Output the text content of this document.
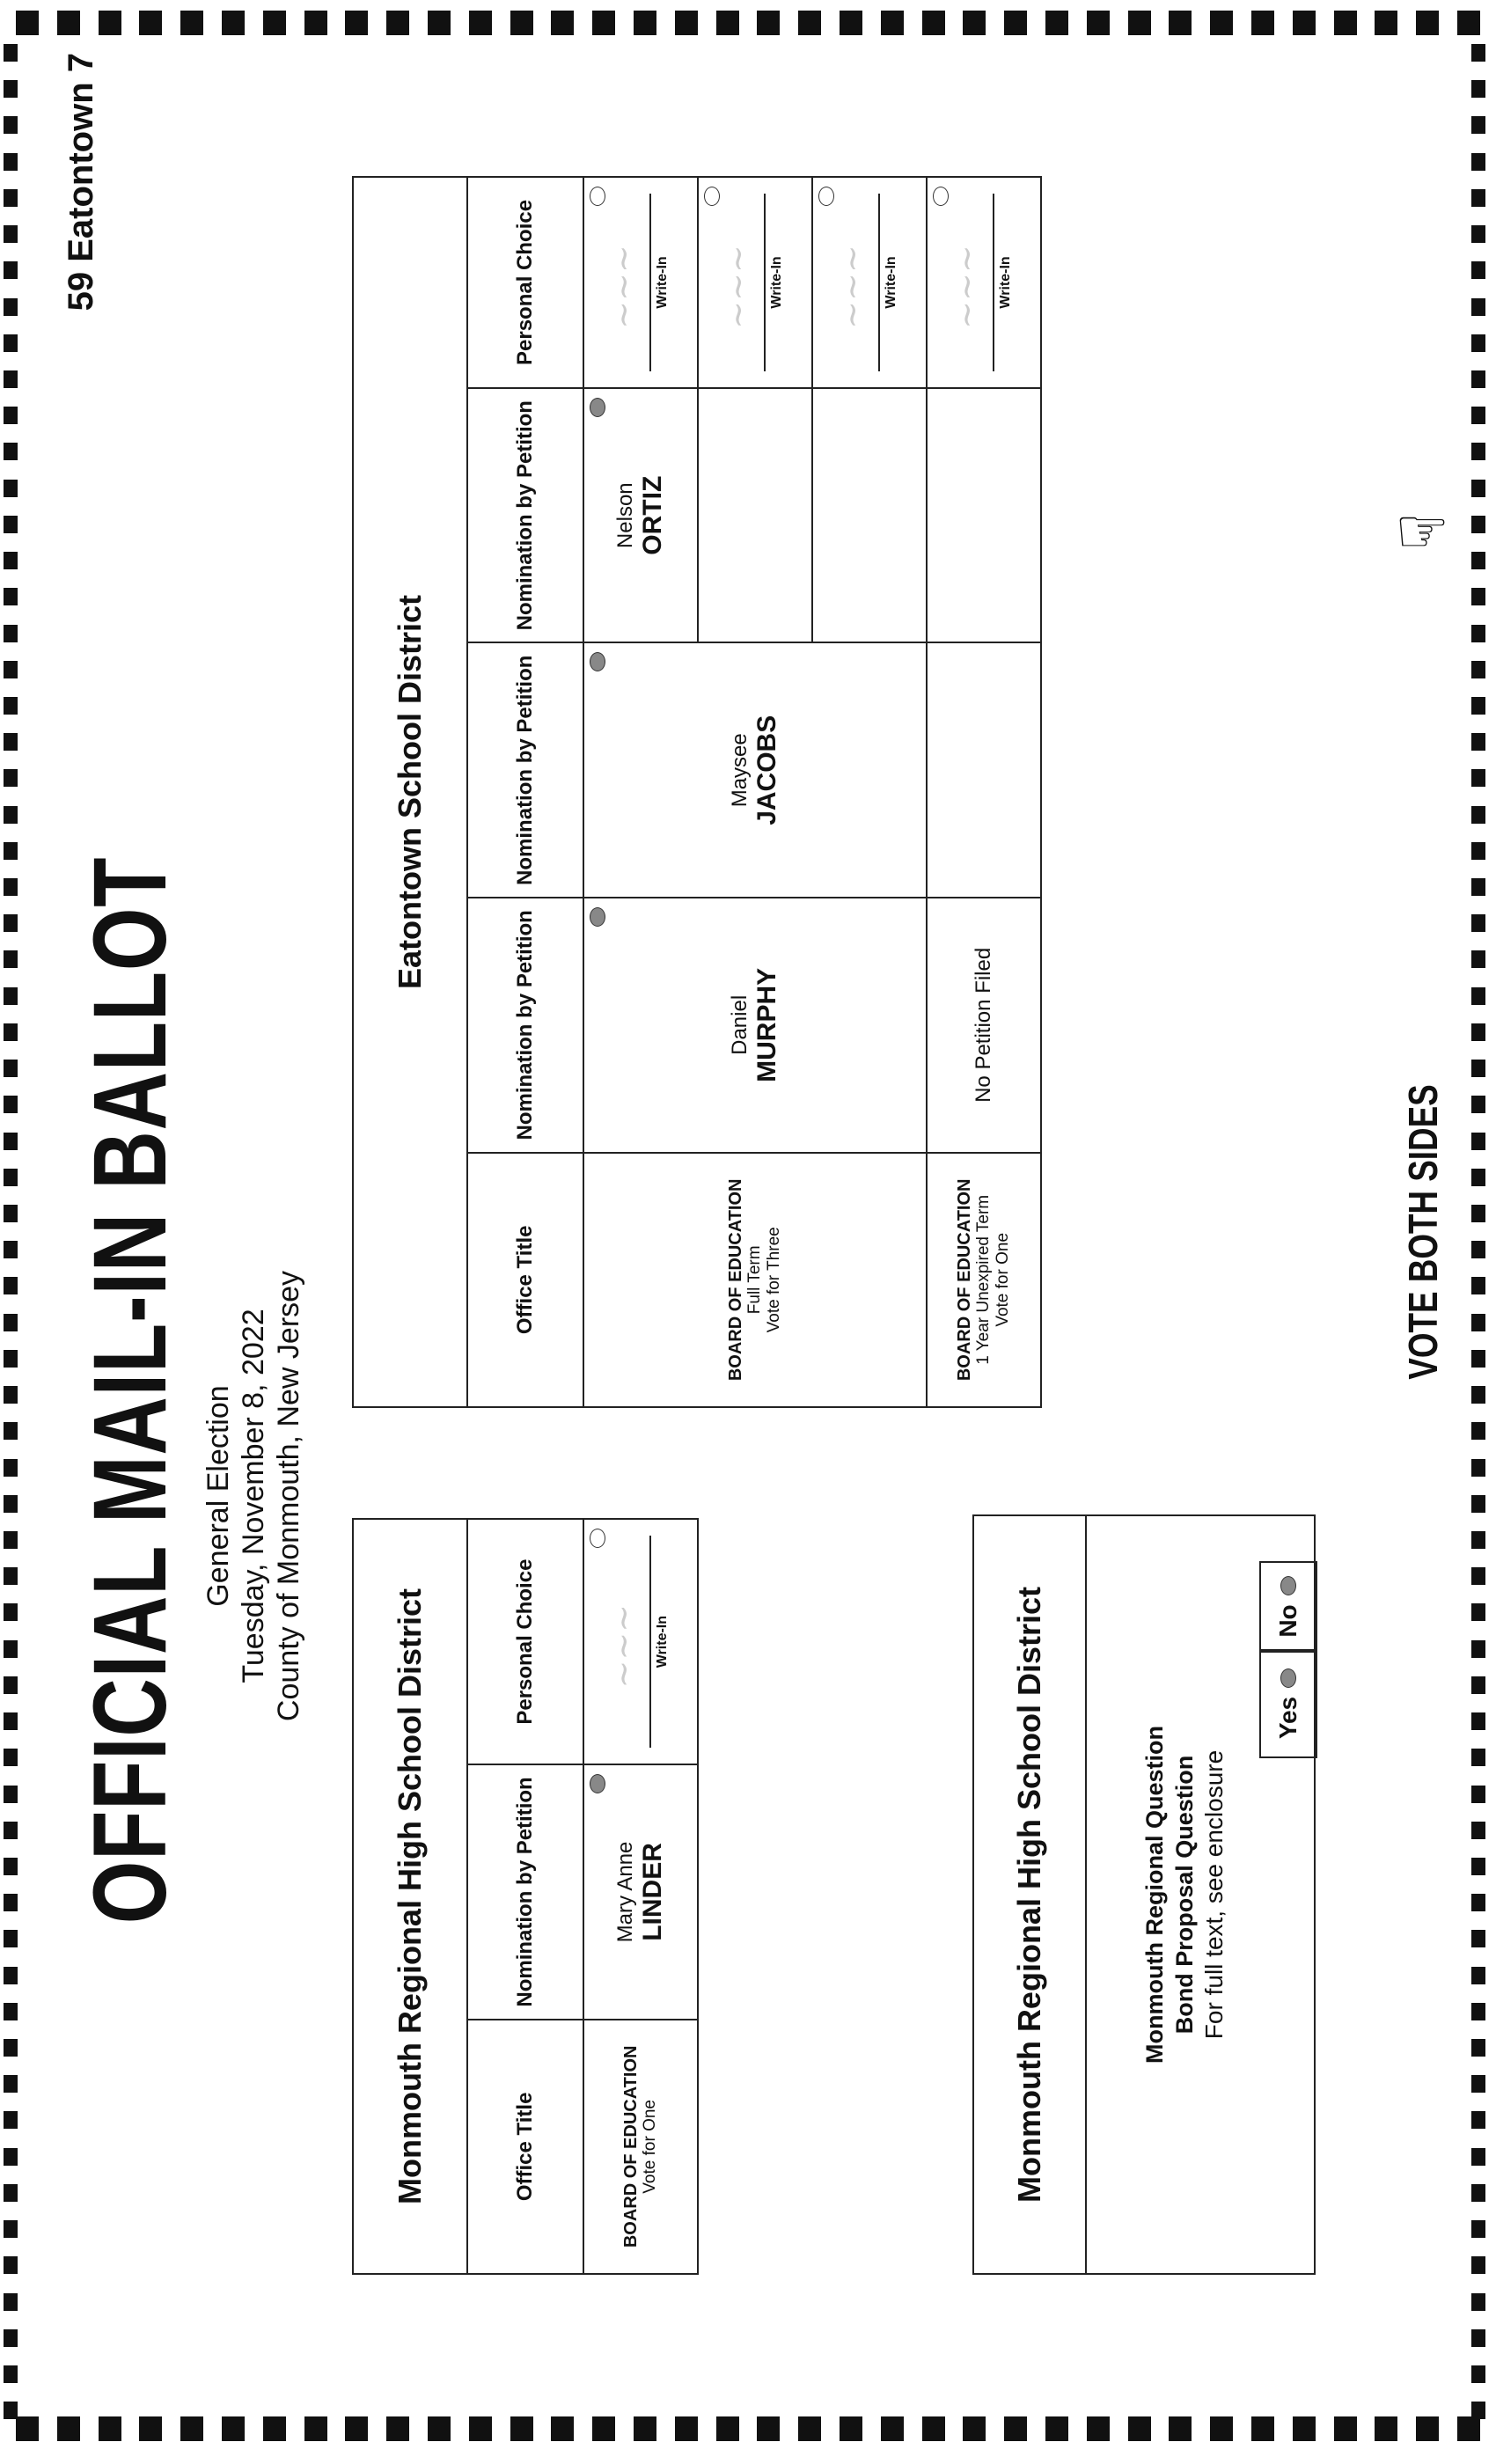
59 Eatontown 7
OFFICIAL MAIL-IN BALLOT General Election Tuesday, November 8, 2022 County of Monmouth, New Jersey
Monmouth Regional High School District		
Office Title	Nomination by Petition	Personal Choice
BOARD OF EDUCATION Vote for One	Mary Anne LINDER	~~~ Write-In
Eatontown School District				
Office Title	Nomination by Petition	Nomination by Petition	Nomination by Petition	Personal Choice
BOARD OF EDUCATION Full Term Vote for Three	Daniel MURPHY	Maysee JACOBS	Nelson ORTIZ	~~~ Write-In

				~~~ Write-In

				~~~ Write-In

BOARD OF EDUCATION 1 Year Unexpired Term Vote for One	No Petition Filed			~~~ Write-In
Monmouth Regional High School District	Monmouth Regional Question Bond Proposal Question For full text, see enclosure
Yes
No
VOTE BOTH SIDES
☞
